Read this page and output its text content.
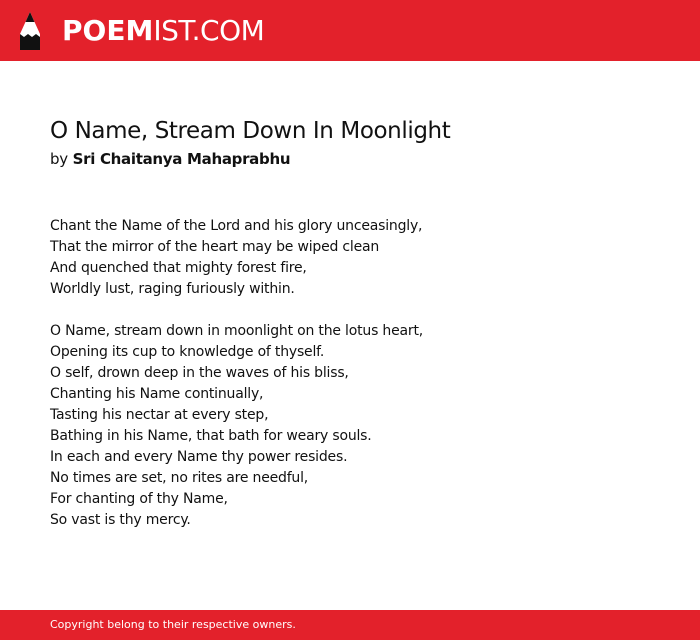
POEMIST.COM
O Name, Stream Down In Moonlight
by Sri Chaitanya Mahaprabhu
Chant the Name of the Lord and his glory unceasingly,
That the mirror of the heart may be wiped clean
And quenched that mighty forest fire,
Worldly lust, raging furiously within.
O Name, stream down in moonlight on the lotus heart,
Opening its cup to knowledge of thyself.
O self, drown deep in the waves of his bliss,
Chanting his Name continually,
Tasting his nectar at every step,
Bathing in his Name, that bath for weary souls.
In each and every Name thy power resides.
No times are set, no rites are needful,
For chanting of thy Name,
So vast is thy mercy.
Copyright belong to their respective owners.
